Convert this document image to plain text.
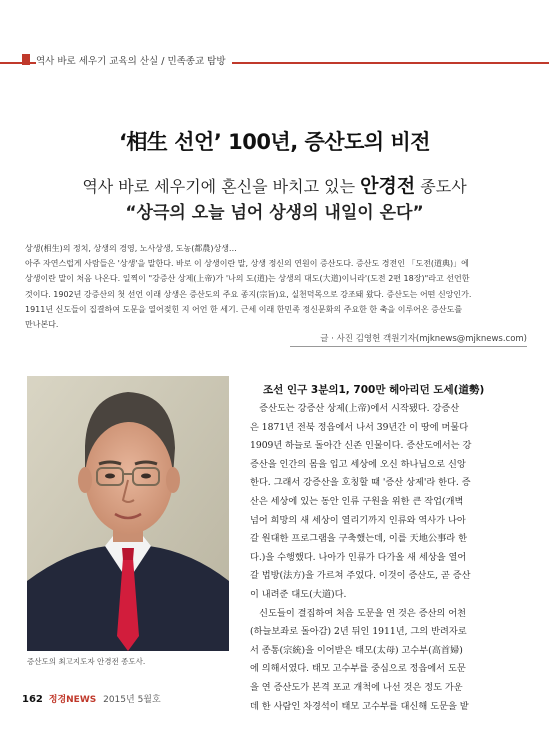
역사 바로 세우기 교육의 산실 / 민족종교 탐방
‘相生 선언’ 100년, 증산도의 비전
역사 바로 세우기에 혼신을 바치고 있는 안경전 종도사
“상극의 오늘 넘어 상생의 내일이 온다”
상생(相生)의 정치, 상생의 경영, 노사상생, 도농(都農)상생…
아주 자연스럽게 사람들은 '상생'을 말한다. 바로 이 상생이란 말, 상생 정신의 연원이 증산도다. 증산도 경전인 「도전(道典)」에
상생이란 말이 처음 나온다. 일찍이 "강증산 상제(上帝)가 '나의 도(道)는 상생의 대도(大道)이니라'(도전 2편 18장)"라고 선언한
것이다. 1902년 강증산의 첫 선언 이래 상생은 증산도의 주요 종지(宗旨)요, 실천덕목으로 강조돼 왔다. 증산도는 어떤 신앙인가.
1911년 신도들이 집결하여 도문을 열어젖힌 지 어언 한 세기. 근세 이래 한민족 정신문화의 주요한 한 축을 이루어온 증산도를
만나본다.
글 · 사진 김영헌 객원기자(mjknews@mjknews.com)
증산도의 최고지도자 안경전 종도사.
조선 인구 3분의1, 700만 헤아리던 도세(道勢)
　증산도는 강증산 상제(上帝)에서 시작됐다. 강증산
은 1871년 전북 정읍에서 나서 39년간 이 땅에 머물다
1909년 하늘로 돌아간 신존 인물이다. 증산도에서는 강
증산을 인간의 몸을 입고 세상에 오신 하나님으로 신앙
한다. 그래서 강증산을 호칭할 때 '증산 상제'라 한다. 증
산은 세상에 있는 동안 인류 구원을 위한 큰 작업(개벽
넘어 희망의 새 세상이 열리기까지 인류와 역사가 나아
갈 원대한 프로그램을 구축했는데, 이를 天地公事라 한
다.)을 수행했다. 나아가 인류가 다가올 새 세상을 열어
갈 법방(法方)을 가르쳐 주었다. 이것이 증산도, 곧 증산
이 내려준 대도(大道)다.
　신도들이 결집하여 처음 도문을 연 것은 증산의 어천
(하늘보좌로 돌아감) 2년 뒤인 1911년, 그의 반려자로
서 종통(宗統)을 이어받은 태모(太母) 고수부(高首婦)
에 의해서였다. 태모 고수부를 중심으로 정읍에서 도문
을 연 증산도가 본격 포교 개척에 나선 것은 정도 가운
데 한 사람인 차경석이 태모 고수부를 대신해 도문을 밭
162 정경NEWS 2015년 5월호
